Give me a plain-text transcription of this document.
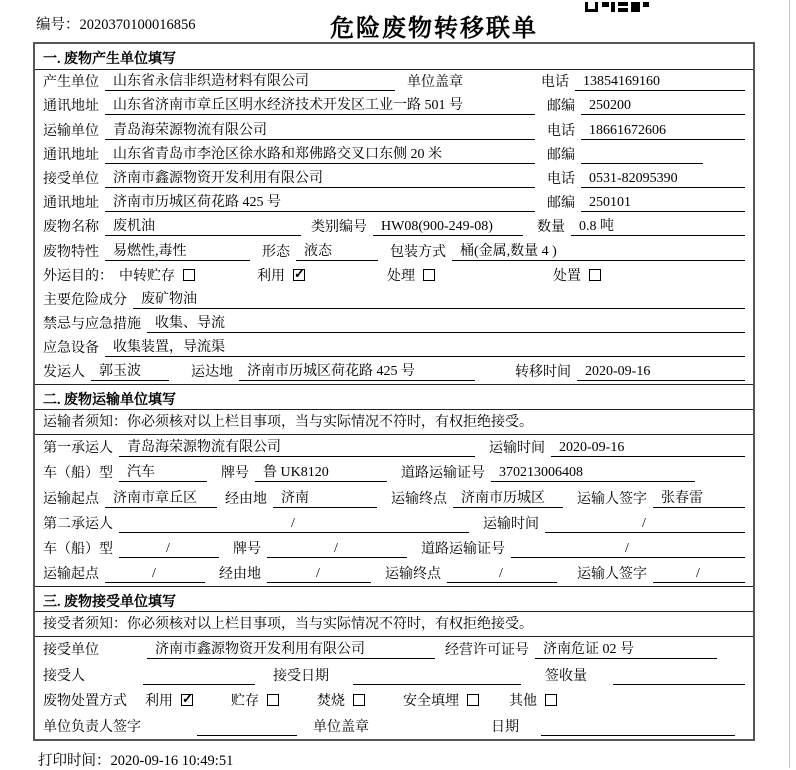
编号：2020370100016856	危险废物转移联单
一. 废物产生单位填写
产生单位	山东省永信非织造材料有限公司	单位盖章	电话	13854169160
通讯地址	山东省济南市章丘区明水经济技术开发区工业一路 501 号	邮编	250200
运输单位	青岛海荣源物流有限公司	电话	18661672606
通讯地址	山东省青岛市李沧区徐水路和郑佛路交叉口东侧 20 米	邮编
接受单位	济南市鑫源物资开发利用有限公司	电话	0531-82095390
通讯地址	济南市历城区荷花路 425 号	邮编	250101
废物名称	废机油	类别编号	HW08(900-249-08)	数量	0.8 吨
废物特性	易燃性,毒性	形态	液态	包装方式	桶(金属,数量 4 )
外运目的： 中转贮存	利用 ✓	处理	处置
主要危险成分	废矿物油
禁忌与应急措施	收集、导流
应急设备	收集装置，导流渠
发运人	郭玉波	运达地	济南市历城区荷花路 425 号	转移时间	2020-09-16
二. 废物运输单位填写
运输者须知： 你必须核对以上栏目事项，当与实际情况不符时，有权拒绝接受。
第一承运人	青岛海荣源物流有限公司	运输时间	2020-09-16
车（船）型	汽车	牌号	鲁 UK8120	道路运输证号	370213006408
运输起点	济南市章丘区	经由地	济南	运输终点	济南市历城区	运输人签字	张春雷
第二承运人	/	运输时间	/
车（船）型	/	牌号	/	道路运输证号	/
运输起点	/	经由地	/	运输终点	/	运输人签字	/
三. 废物接受单位填写
接受者须知： 你必须核对以上栏目事项，当与实际情况不符时，有权拒绝接受。
接受单位	济南市鑫源物资开发利用有限公司	经营许可证号	济南危证 02 号
接受人	接受日期	签收量
废物处置方式 利用 ✓	贮存	焚烧	安全填埋	其他
单位负责人签字	单位盖章	日期
打印时间：2020-09-16 10:49:51
